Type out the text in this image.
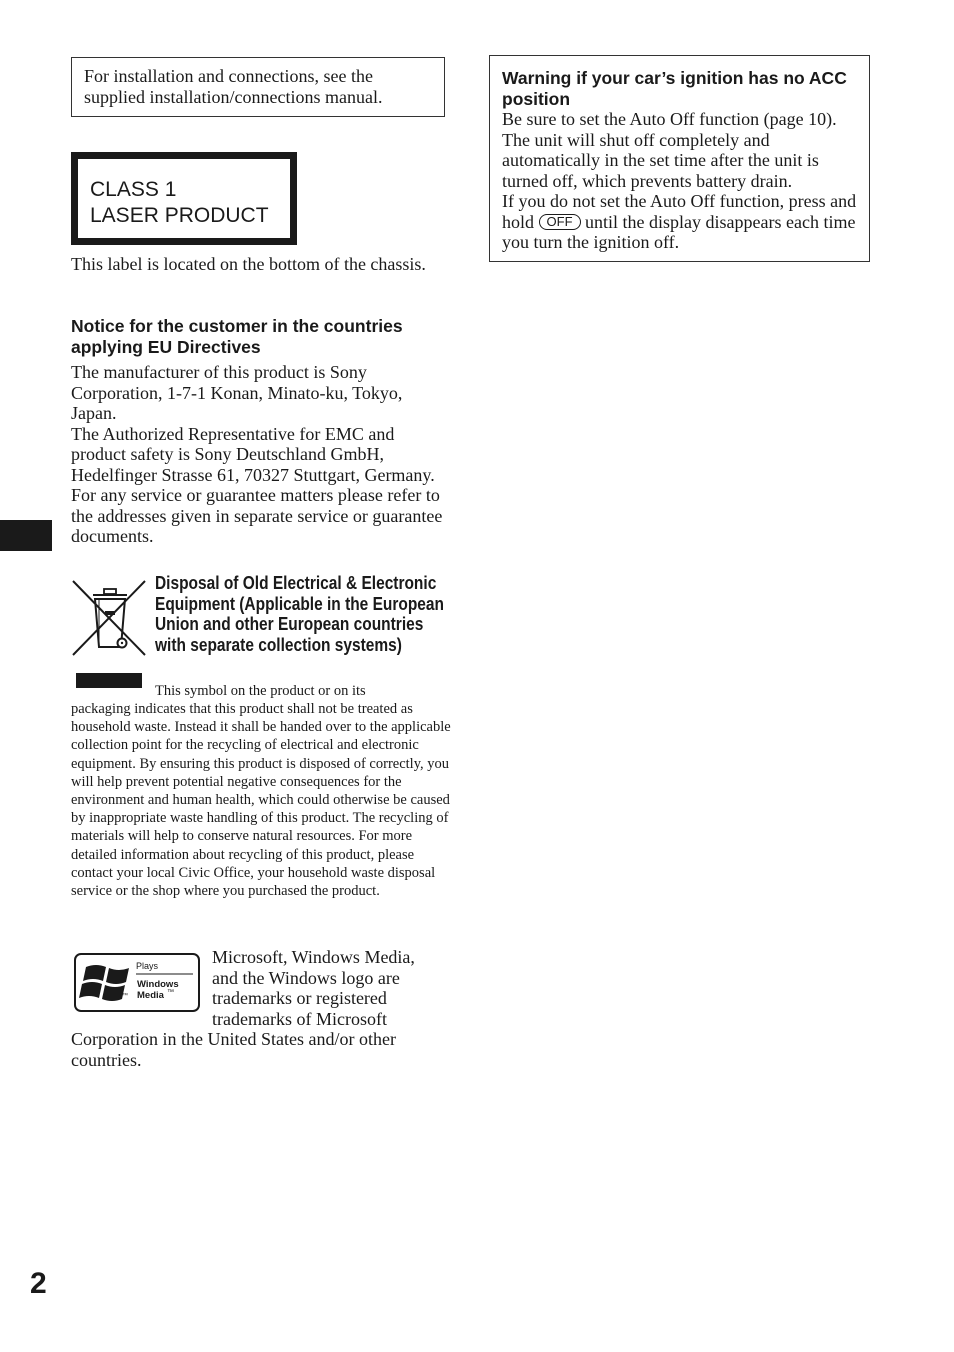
For installation and connections, see the supplied installation/connections manual.
CLASS 1
LASER PRODUCT
This label is located on the bottom of the chassis.
Notice for the customer in the countries applying EU Directives
The manufacturer of this product is Sony Corporation, 1-7-1 Konan, Minato-ku, Tokyo, Japan.
The Authorized Representative for EMC and product safety is Sony Deutschland GmbH, Hedelfinger Strasse 61, 70327 Stuttgart, Germany. For any service or guarantee matters please refer to the addresses given in separate service or guarantee documents.
Disposal of Old Electrical & Electronic Equipment (Applicable in the European Union and other European countries with separate collection systems)
This symbol on the product or on its
packaging indicates that this product shall not be treated as household waste. Instead it shall be handed over to the applicable collection point for the recycling of electrical and electronic equipment. By ensuring this product is disposed of correctly, you will help prevent potential negative consequences for the environment and human health, which could otherwise be caused by inappropriate waste handling of this product. The recycling of materials will help to conserve natural resources. For more detailed information about recycling of this product, please contact your local Civic Office, your household waste disposal service or the shop where you purchased the product.
Plays
Windows
Media ™
™
Microsoft, Windows Media,
and the Windows logo are
trademarks or registered
trademarks of Microsoft
Corporation in the United States and/or other countries.
Warning if your car’s ignition has no ACC position
Be sure to set the Auto Off function (page 10). The unit will shut off completely and automatically in the set time after the unit is turned off, which prevents battery drain.
If you do not set the Auto Off function, press and hold OFF until the display disappears each time you turn the ignition off.
2
